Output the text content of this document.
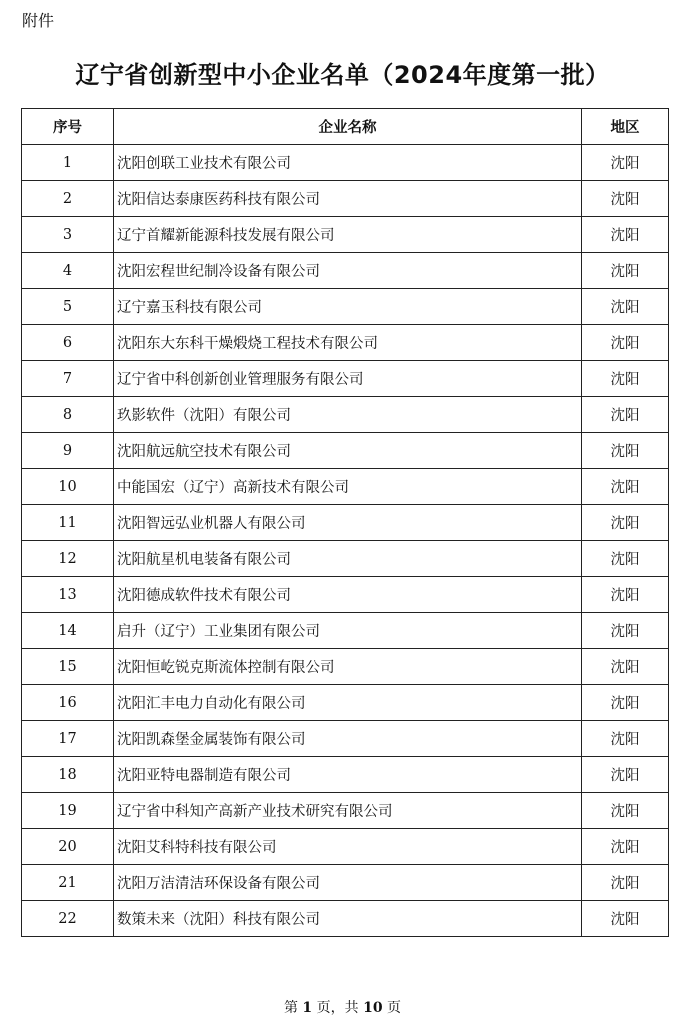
附件
辽宁省创新型中小企业名单（2024年度第一批）
序号	企业名称	地区
1	沈阳创联工业技术有限公司	沈阳
2	沈阳信达泰康医药科技有限公司	沈阳
3	辽宁首耀新能源科技发展有限公司	沈阳
4	沈阳宏程世纪制冷设备有限公司	沈阳
5	辽宁嘉玉科技有限公司	沈阳
6	沈阳东大东科干燥煅烧工程技术有限公司	沈阳
7	辽宁省中科创新创业管理服务有限公司	沈阳
8	玖影软件（沈阳）有限公司	沈阳
9	沈阳航远航空技术有限公司	沈阳
10	中能国宏（辽宁）高新技术有限公司	沈阳
11	沈阳智远弘业机器人有限公司	沈阳
12	沈阳航星机电装备有限公司	沈阳
13	沈阳德成软件技术有限公司	沈阳
14	启升（辽宁）工业集团有限公司	沈阳
15	沈阳恒屹锐克斯流体控制有限公司	沈阳
16	沈阳汇丰电力自动化有限公司	沈阳
17	沈阳凯森堡金属装饰有限公司	沈阳
18	沈阳亚特电器制造有限公司	沈阳
19	辽宁省中科知产高新产业技术研究有限公司	沈阳
20	沈阳艾科特科技有限公司	沈阳
21	沈阳万洁清洁环保设备有限公司	沈阳
22	数策未来（沈阳）科技有限公司	沈阳
第 1 页，共 10 页
